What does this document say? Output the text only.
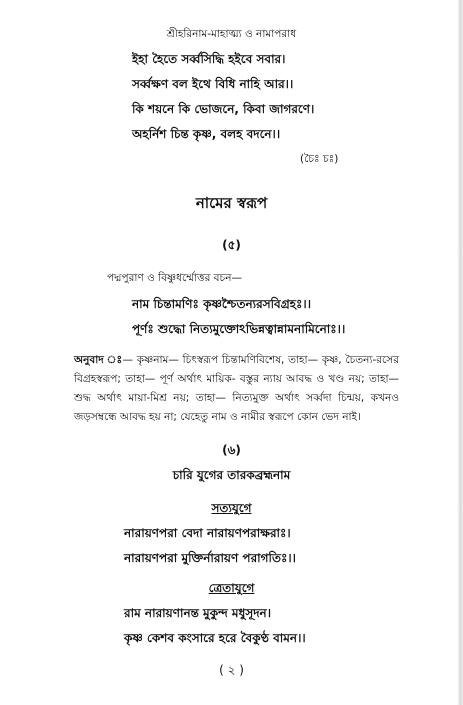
শ্রীহরিনাম-মাহাত্ম্য ও নামাপরাধ
ইহা হৈতে সর্ব্বসিদ্ধি হইবে সবার।
সর্ব্বক্ষণ বল ইথে বিধি নাহি আর।।
কি শয়নে কি ভোজনে, কিবা জাগরণে।
অহর্নিশ চিন্ত কৃষ্ণ, বলহ বদনে।।
(চৈঃ চঃ)
নামের স্বরূপ
(৫)
পদ্মপুরাণ ও বিষ্ণুধর্ম্মোত্তর বচন—
নাম চিন্তামণিঃ কৃষ্ণশ্চৈতন্যরসবিগ্রহঃ।।
পূর্ণঃ শুদ্ধো নিত্যমুক্তোঽভিন্নত্বান্নামনামিনোঃ।।
অনুবাদ ঃ— কৃষ্ণনাম— চিৎস্বরূপ চিন্তামণিবিশেষ, তাহা— কৃষ্ণ, চৈতন্য-রসের বিগ্রহস্বরূপ; তাহা— পূর্ণ অর্থাৎ মায়িক- বস্তুর ন্যায় আবদ্ধ ও খণ্ড নয়; তাহা— শুদ্ধ অর্থাৎ মায়া-মিশ্র নয়; তাহা— নিত্যমুক্ত অর্থাৎ সর্ব্বদা চিন্ময়, কখনও জড়সম্বন্ধে আবদ্ধ হয় না; যেহেতু নাম ও নামীর স্বরূপে কোন ভেদ নাই।
(৬)
চারি যুগের তারকব্রহ্মনাম
সত্যযুগে
নারায়ণপরা বেদা নারায়ণপরাক্ষরাঃ।
নারায়ণপরা মুক্তির্নারায়ণ পরাগতিঃ।।
ত্রেতাযুগে
রাম নারায়ণানন্ত মুকুন্দ মধুসূদন।
কৃষ্ণ কেশব কংসারে হরে বৈকুণ্ঠ বামন।।
( ২ )
